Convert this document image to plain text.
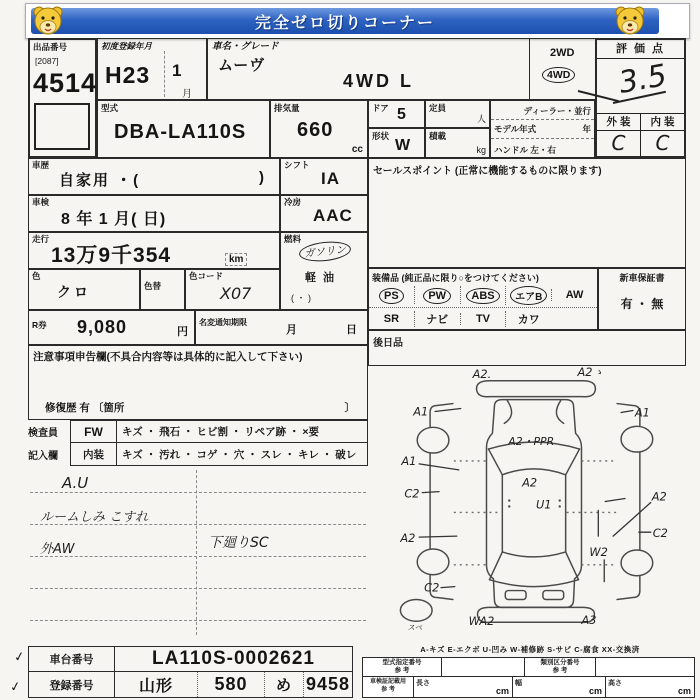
完全ゼロ切りコーナー
出品番号
[2087]
4514
初度登録年月
H23 1
月
車名・グレード
ムーヴ
4WD L
2WD
4WD
評 価 点
3.5
外 装	内 装
C	C
型式
DBA-LA110S
排気量
660
cc
ドア 5	定員
人
形状
W
積載
kg
ディーラー・並行
モデル年式	年
ハンドル 左・右
車歴
自家用 ・(	)
シフト
IA
車検
8 年 1 月( 日)
冷房
AAC
走行
13万9千354	km
燃料
ガソリン
軽 油
( ・ )
色
クロ	色替
色コード
X07
R券 9,080	円
名変通知期限
月	日
注意事項申告欄(不具合内容等は具体的に記入して下さい)
修復歴 有 〔箇所	〕
検査員
記入欄
FW	キズ ・ 飛石 ・ ヒビ割 ・ リペア跡 ・ ×要
内装	キズ ・ 汚れ ・ コゲ ・ 穴 ・ スレ ・ キレ ・ 破レ
A.U
ルームしみ こすれ
外AW	下廻りSC
セールスポイント (正常に機能するものに限ります)
装備品 (純正品に限り○をつけてください)
PS	PW	ABS	エアB	AW
SR	ナビ	TV	カワ
新車保証書
有 ・ 無
後日品
A2.	A2ゝ
A1	A1
A2・PPR
A1
A2
C2
U1
A2
A2	C2
W2
C2
WA2	A3
スペ
✓
✓
車台番号	LA110S-0002621
登録番号	山形	580	め 9458
A-キズ E-エクボ U-凹み W-補修跡 S-サビ C-腐食 XX-交換済
型式指定番号
参 考
類別区分番号
参 考
車検証記載用
参 考
長さ
cm
幅
cm
高さ
cm
